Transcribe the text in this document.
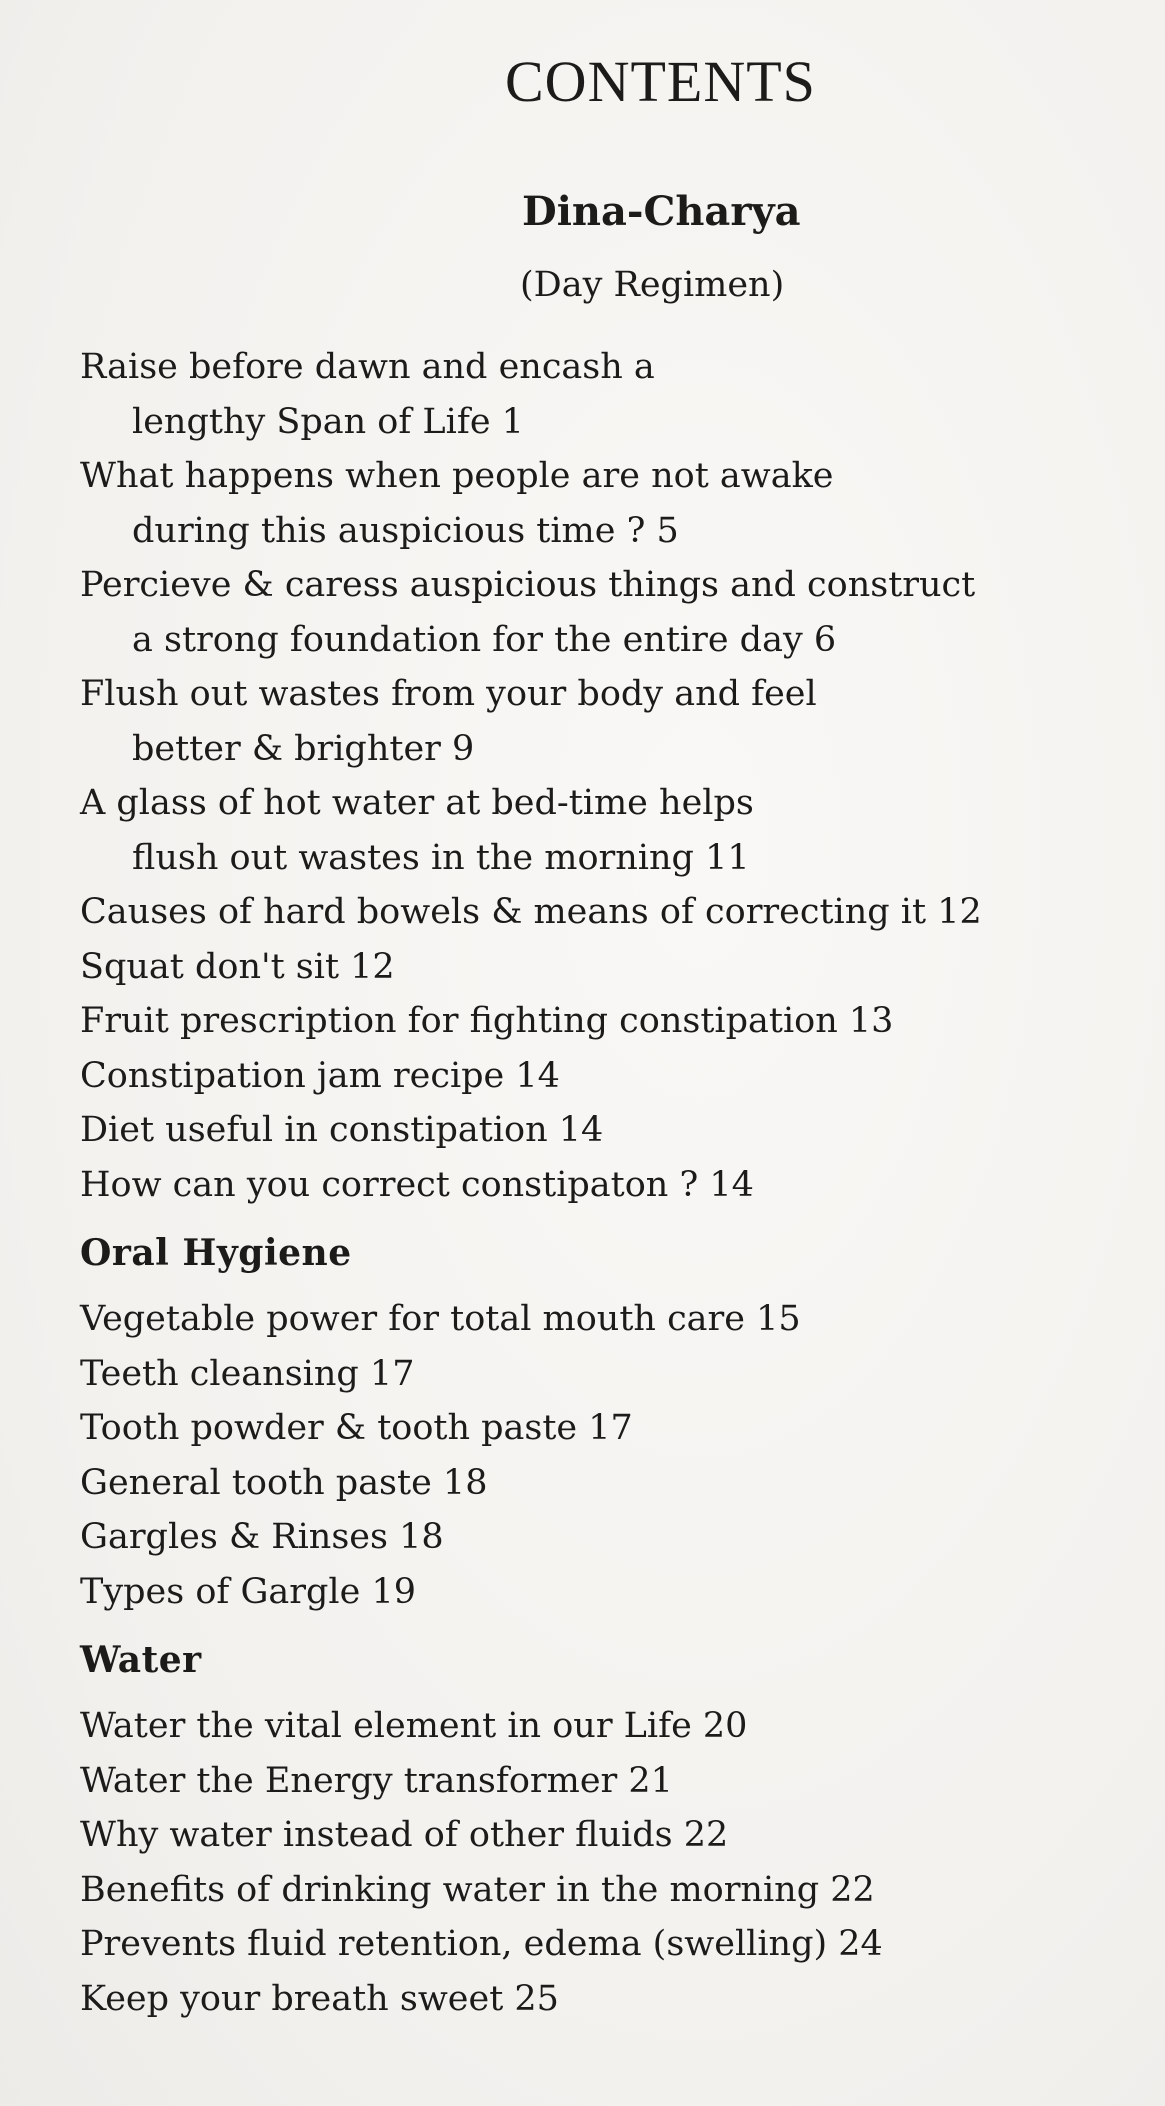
CONTENTS
Dina-Charya
(Day Regimen)
Raise before dawn and encash a
lengthy Span of Life 1
What happens when people are not awake
during this auspicious time ? 5
Percieve & caress auspicious things and construct
a strong foundation for the entire day 6
Flush out wastes from your body and feel
better & brighter 9
A glass of hot water at bed-time helps
flush out wastes in the morning 11
Causes of hard bowels & means of correcting it 12
Squat don't sit 12
Fruit prescription for fighting constipation 13
Constipation jam recipe 14
Diet useful in constipation 14
How can you correct constipaton ? 14
Oral Hygiene
Vegetable power for total mouth care 15
Teeth cleansing 17
Tooth powder & tooth paste 17
General tooth paste 18
Gargles & Rinses 18
Types of Gargle 19
Water
Water the vital element in our Life 20
Water the Energy transformer 21
Why water instead of other fluids 22
Benefits of drinking water in the morning 22
Prevents fluid retention, edema (swelling) 24
Keep your breath sweet 25
